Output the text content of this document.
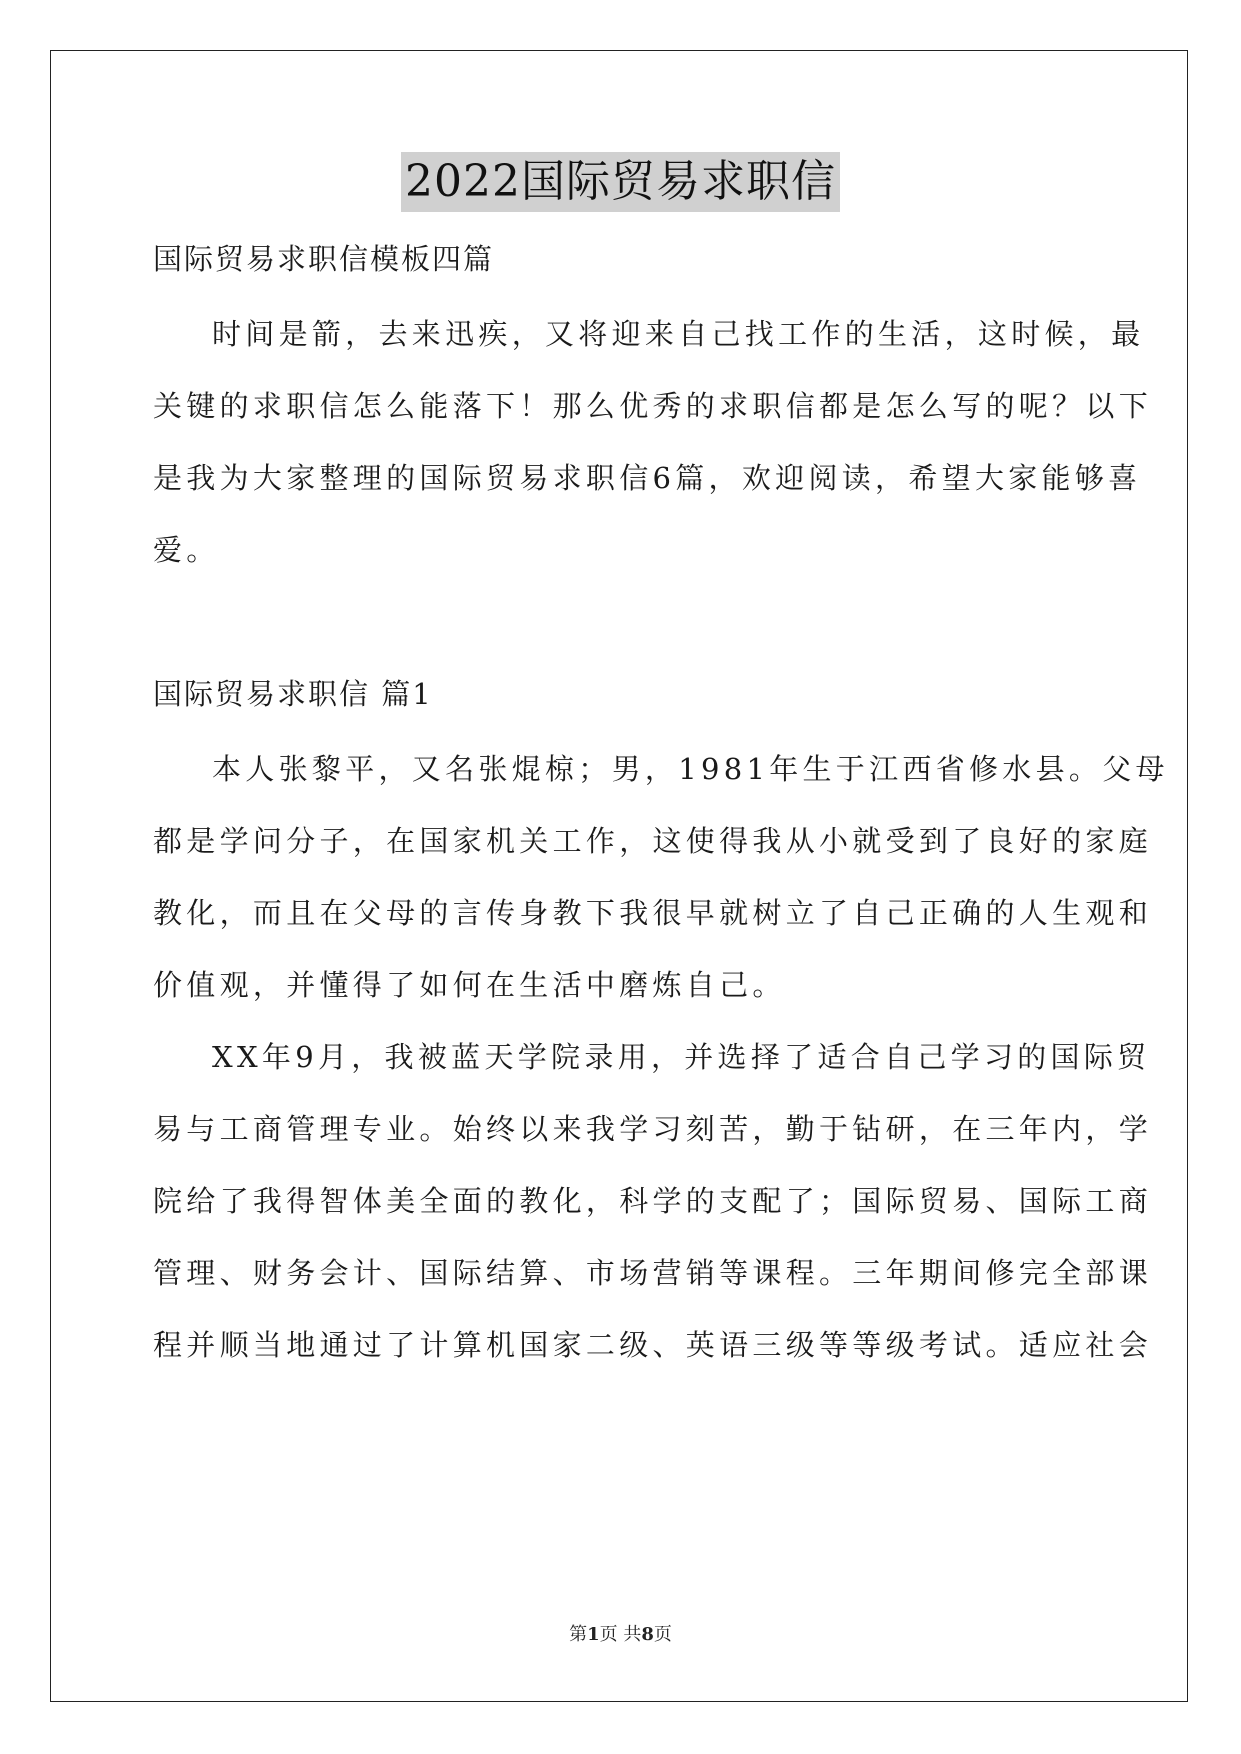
2022国际贸易求职信
国际贸易求职信模板四篇
时间是箭，去来迅疾，又将迎来自己找工作的生活，这时候，最
关键的求职信怎么能落下！那么优秀的求职信都是怎么写的呢？以下
是我为大家整理的国际贸易求职信6篇，欢迎阅读，希望大家能够喜
爱。
国际贸易求职信 篇1
本人张黎平，又名张焜椋；男，1981年生于江西省修水县。父母
都是学问分子，在国家机关工作，这使得我从小就受到了良好的家庭
教化，而且在父母的言传身教下我很早就树立了自己正确的人生观和
价值观，并懂得了如何在生活中磨炼自己。
XX年9月，我被蓝天学院录用，并选择了适合自己学习的国际贸
易与工商管理专业。始终以来我学习刻苦，勤于钻研，在三年内，学
院给了我得智体美全面的教化，科学的支配了；国际贸易、国际工商
管理、财务会计、国际结算、市场营销等课程。三年期间修完全部课
程并顺当地通过了计算机国家二级、英语三级等等级考试。适应社会
第1页 共8页
